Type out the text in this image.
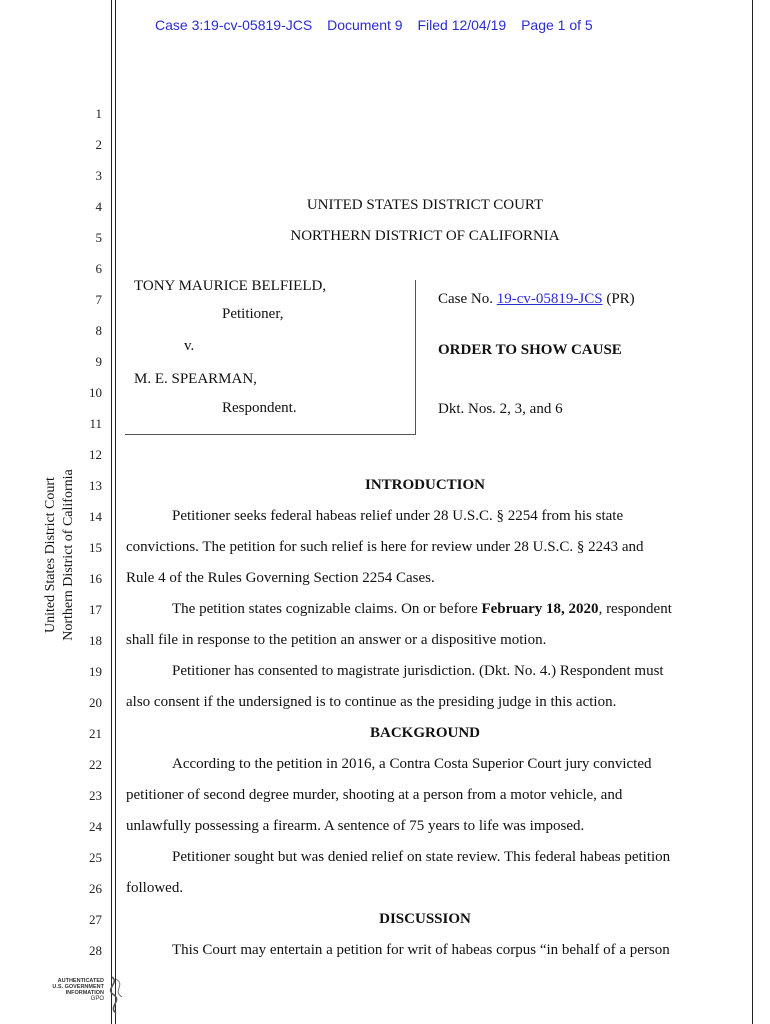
Case 3:19-cv-05819-JCS Document 9 Filed 12/04/19 Page 1 of 5
United States District Court Northern District of California
1
2
3
4
5
6
7
8
9
10
11
12
13
14
15
16
17
18
19
20
21
22
23
24
25
26
27
28
UNITED STATES DISTRICT COURT
NORTHERN DISTRICT OF CALIFORNIA
TONY MAURICE BELFIELD,
Petitioner,
v.
M. E. SPEARMAN,
Respondent.
Case No. 19-cv-05819-JCS (PR)
ORDER TO SHOW CAUSE
Dkt. Nos. 2, 3, and 6
INTRODUCTION
Petitioner seeks federal habeas relief under 28 U.S.C. § 2254 from his state
convictions. The petition for such relief is here for review under 28 U.S.C. § 2243 and
Rule 4 of the Rules Governing Section 2254 Cases.
The petition states cognizable claims. On or before February 18, 2020, respondent
shall file in response to the petition an answer or a dispositive motion.
Petitioner has consented to magistrate jurisdiction. (Dkt. No. 4.) Respondent must
also consent if the undersigned is to continue as the presiding judge in this action.
BACKGROUND
According to the petition in 2016, a Contra Costa Superior Court jury convicted
petitioner of second degree murder, shooting at a person from a motor vehicle, and
unlawfully possessing a firearm. A sentence of 75 years to life was imposed.
Petitioner sought but was denied relief on state review. This federal habeas petition
followed.
DISCUSSION
This Court may entertain a petition for writ of habeas corpus “in behalf of a person
AUTHENTICATED
U.S. GOVERNMENT
INFORMATION
GPO
